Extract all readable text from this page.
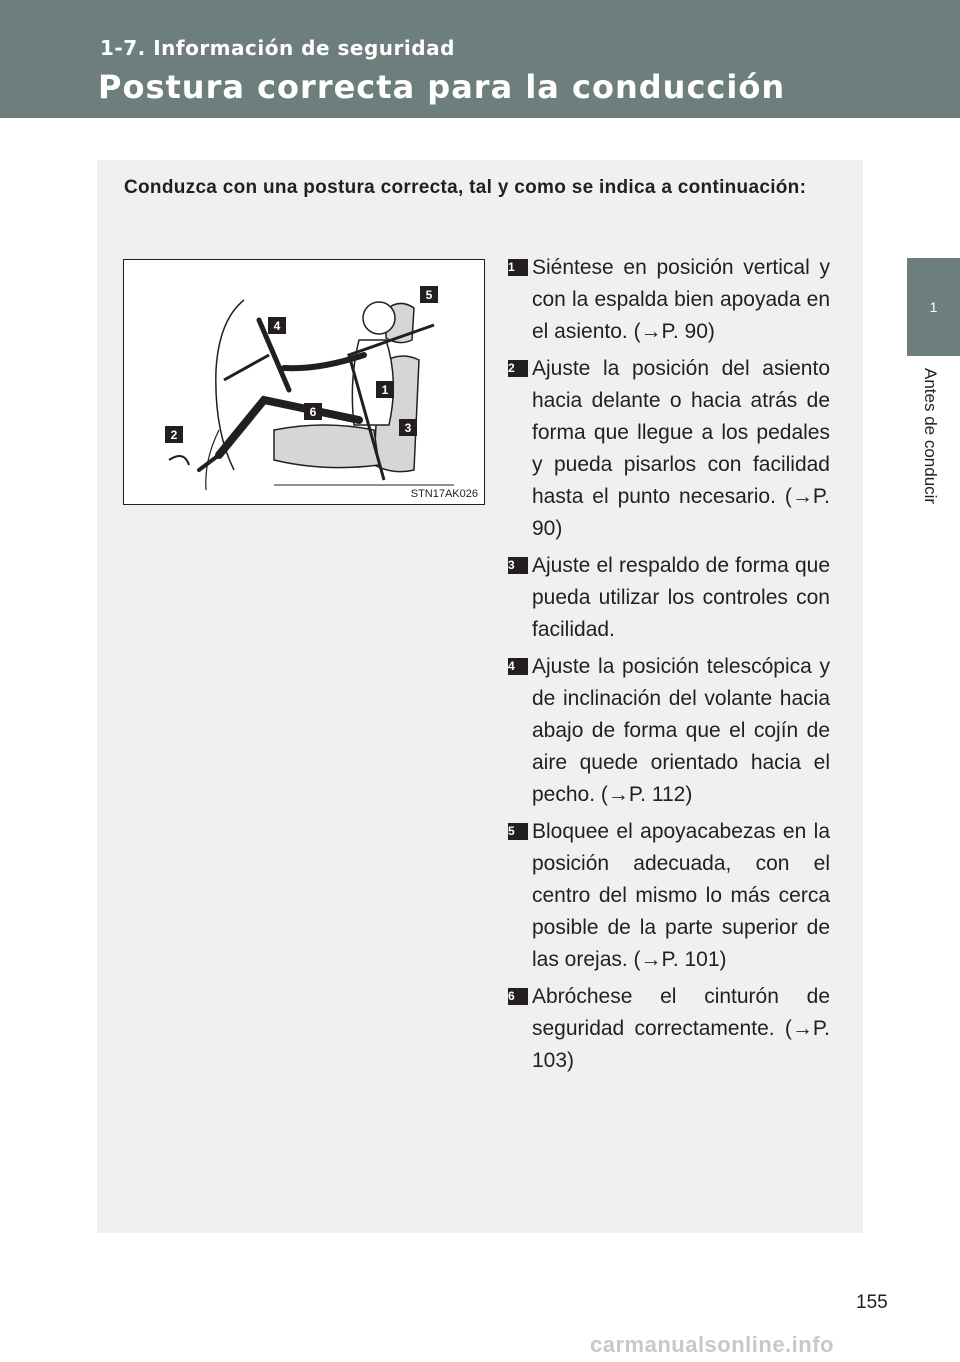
1-7. Información de seguridad
Postura correcta para la conducción
1
Antes de conducir
Conduzca con una postura correcta, tal y como se indica a continuación:
5
4
1
6
3
2
STN17AK026
1 Siéntese en posición vertical y con la espalda bien apoyada en el asiento. (→P. 90)
2 Ajuste la posición del asiento hacia delante o hacia atrás de forma que llegue a los pedales y pueda pisarlos con facilidad hasta el punto necesario. (→P. 90)
3 Ajuste el respaldo de forma que pueda utilizar los controles con facilidad.
4 Ajuste la posición telescópica y de inclinación del volante hacia abajo de forma que el cojín de aire quede orientado hacia el pecho. (→P. 112)
5 Bloquee el apoyacabezas en la posición adecuada, con el centro del mismo lo más cerca posible de la parte superior de las orejas. (→P. 101)
6 Abróchese el cinturón de seguridad correctamente. (→P. 103)
155
carmanualsonline.info
